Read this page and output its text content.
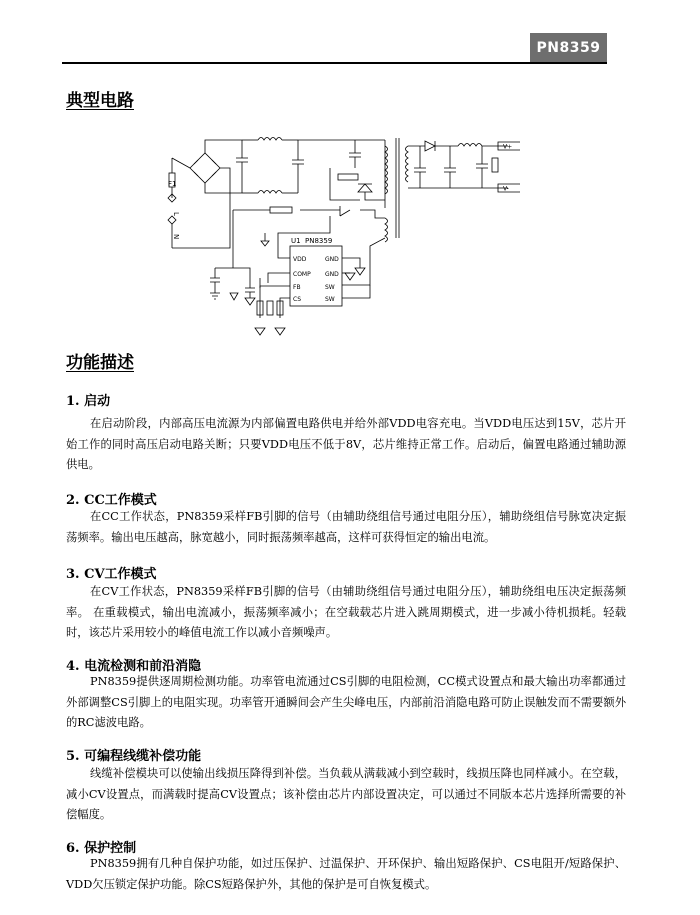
PN8359
典型电路
F1
L
N
U1 PN8359
VDD
COMP
FB
CS
GND
GND
SW
SW
V+
V-
功能描述
1. 启动
在启动阶段，内部高压电流源为内部偏置电路供电并给外部VDD电容充电。当VDD电压达到15V，芯片开始工作的同时高压启动电路关断；只要VDD电压不低于8V，芯片维持正常工作。启动后，偏置电路通过辅助源供电。
2. CC工作模式
在CC工作状态，PN8359采样FB引脚的信号（由辅助绕组信号通过电阻分压），辅助绕组信号脉宽决定振荡频率。输出电压越高，脉宽越小，同时振荡频率越高，这样可获得恒定的输出电流。
3. CV工作模式
在CV工作状态，PN8359采样FB引脚的信号（由辅助绕组信号通过电阻分压），辅助绕组电压决定振荡频率。 在重载模式，输出电流减小，振荡频率减小；在空载载芯片进入跳周期模式，进一步减小待机损耗。轻载时，该芯片采用较小的峰值电流工作以减小音频噪声。
4. 电流检测和前沿消隐
PN8359提供逐周期检测功能。功率管电流通过CS引脚的电阻检测，CC模式设置点和最大输出功率都通过外部调整CS引脚上的电阻实现。功率管开通瞬间会产生尖峰电压，内部前沿消隐电路可防止误触发而不需要额外的RC滤波电路。
5. 可编程线缆补偿功能
线缆补偿模块可以使输出线损压降得到补偿。当负载从满载减小到空载时，线损压降也同样减小。在空载，减小CV设置点，而满载时提高CV设置点；该补偿由芯片内部设置决定，可以通过不同版本芯片选择所需要的补偿幅度。
6. 保护控制
PN8359拥有几种自保护功能，如过压保护、过温保护、开环保护、输出短路保护、CS电阻开/短路保护、VDD欠压锁定保护功能。除CS短路保护外，其他的保护是可自恢复模式。
